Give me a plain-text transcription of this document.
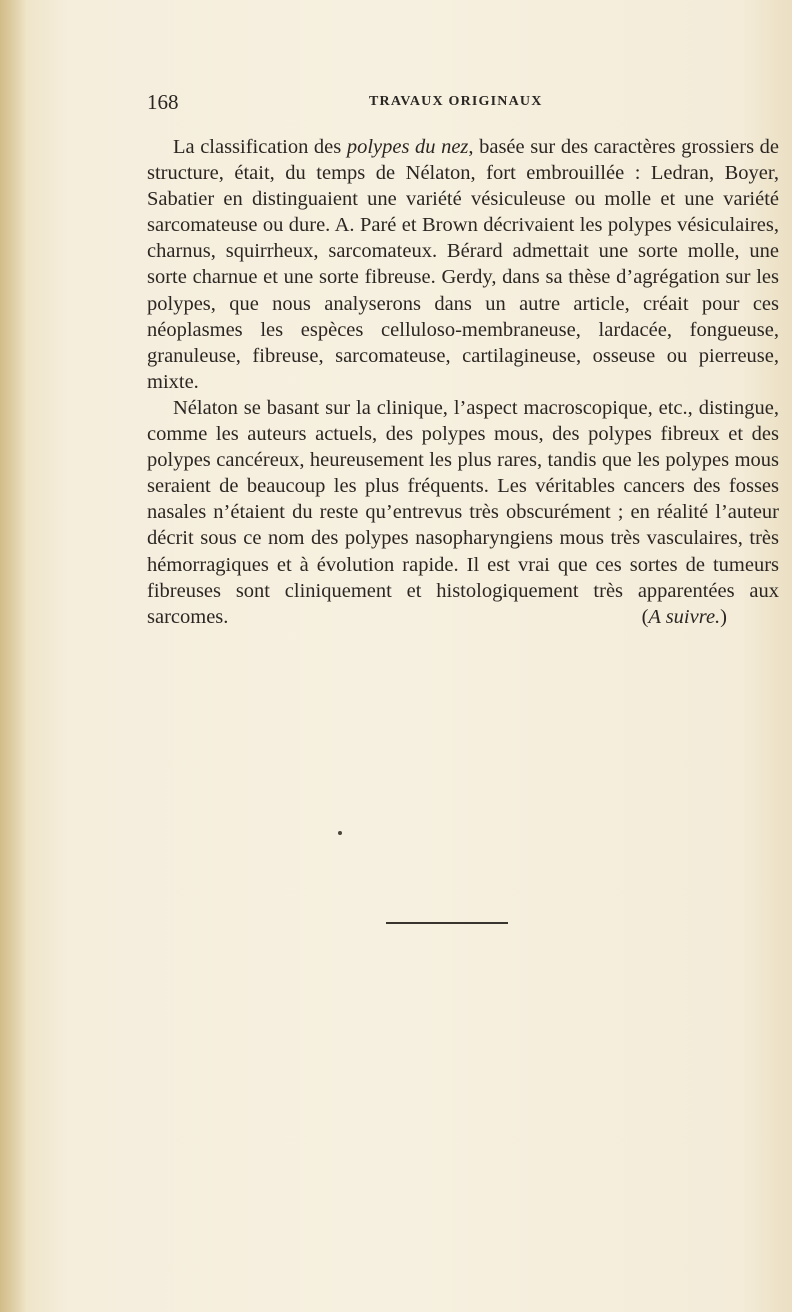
168	TRAVAUX ORIGINAUX

La classification des polypes du nez, basée sur des caractères grossiers de structure, était, du temps de Nélaton, fort embrouillée : Ledran, Boyer, Sabatier en distinguaient une variété vésiculeuse ou molle et une variété sarcomateuse ou dure. A. Paré et Brown décrivaient les polypes vésiculaires, charnus, squirrheux, sarcomateux. Bérard admettait une sorte molle, une sorte charnue et une sorte fibreuse. Gerdy, dans sa thèse d’agrégation sur les polypes, que nous analyserons dans un autre article, créait pour ces néoplasmes les espèces celluloso-membraneuse, lardacée, fongueuse, granuleuse, fibreuse, sarcomateuse, cartilagineuse, osseuse ou pierreuse, mixte.

Nélaton se basant sur la clinique, l’aspect macroscopique, etc., distingue, comme les auteurs actuels, des polypes mous, des polypes fibreux et des polypes cancéreux, heureusement les plus rares, tandis que les polypes mous seraient de beaucoup les plus fréquents. Les véritables cancers des fosses nasales n’étaient du reste qu’entrevus très obscurément ; en réalité l’auteur décrit sous ce nom des polypes nasopharyngiens mous très vasculaires, très hémorragiques et à évolution rapide. Il est vrai que ces sortes de tumeurs fibreuses sont cliniquement et histologiquement très apparentées aux sarcomes.	(A suivre.)
